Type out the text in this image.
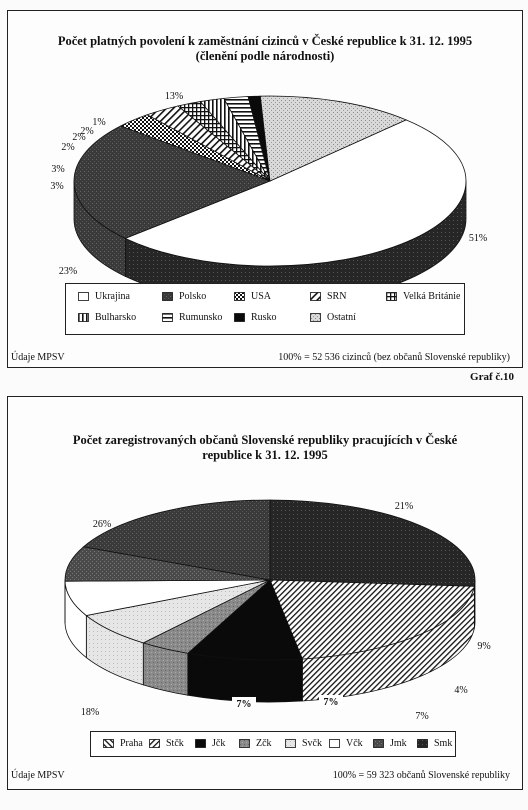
Počet platných povolení k zaměstnání cizinců v České republice k 31. 12. 1995
(členění podle národnosti)
51%
23%
3%
3%
2%
2%
2%
1%
13%
Ukrajina	Polsko	USA	SRN	Velká Británie
Bulharsko	Rumunsko	Rusko	Ostatní
Údaje MPSV	100% = 52 536 cizinců (bez občanů Slovenské republiky)
Graf č.10
Počet zaregistrovaných občanů Slovenské republiky pracujících v České republice k 31. 12. 1995
26%
21%
9%
4%
7%
7%
7%
18%
Praha Stčk	Jčk	Zčk	Svčk Včk	Jmk	Smk
Údaje MPSV	100% = 59 323 občanů Slovenské republiky
